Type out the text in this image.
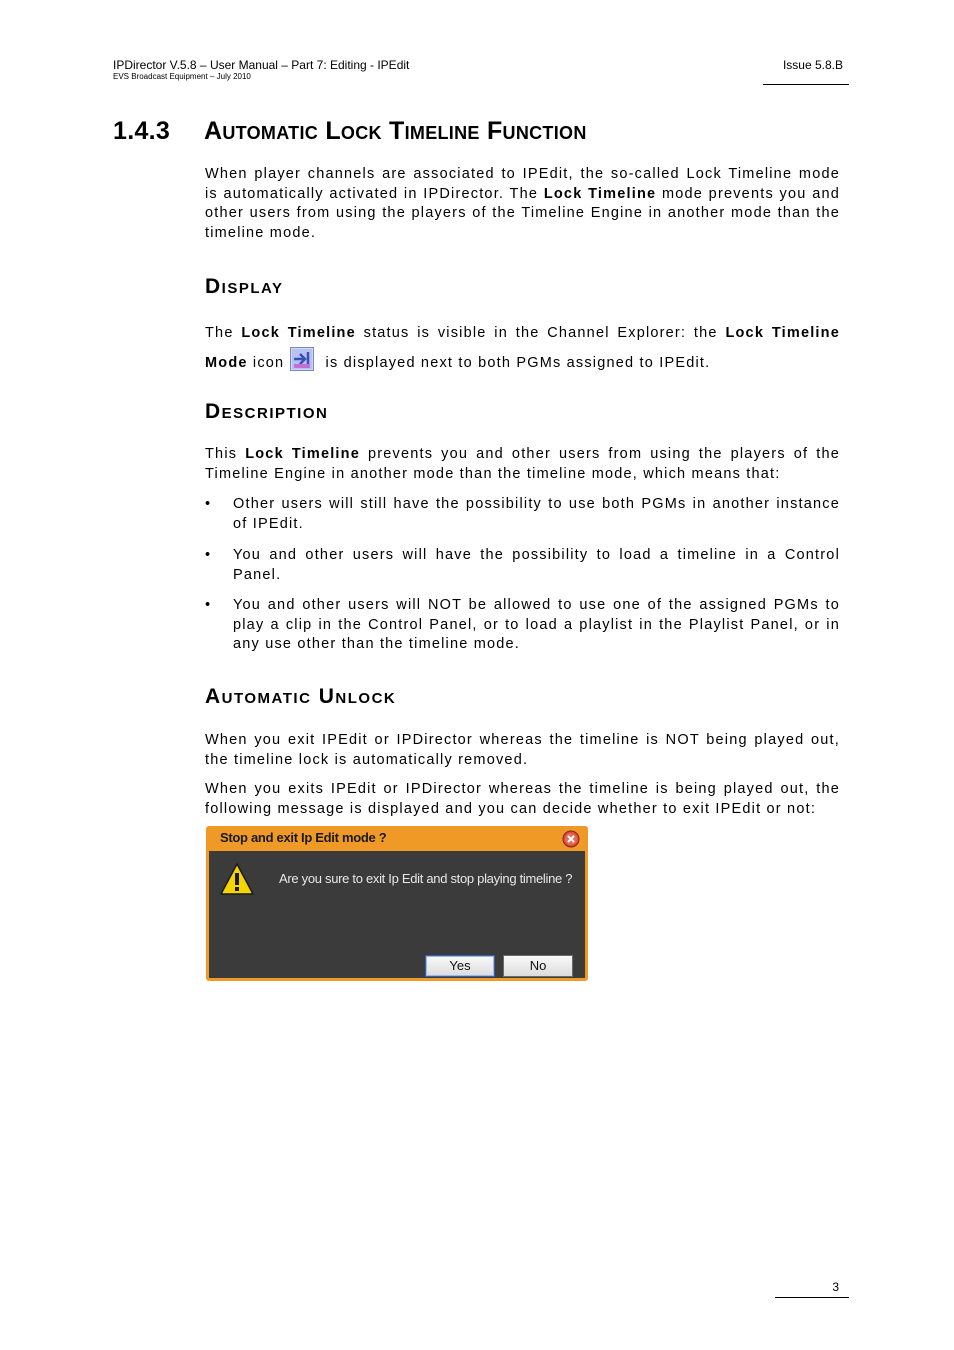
IPDirector V.5.8 – User Manual – Part 7: Editing - IPEdit
EVS Broadcast Equipment – July 2010
Issue 5.8.B
1.4.3 Automatic Lock Timeline Function
When player channels are associated to IPEdit, the so-called Lock Timeline mode is automatically activated in IPDirector. The Lock Timeline mode prevents you and other users from using the players of the Timeline Engine in another mode than the timeline mode.
Display
The Lock Timeline status is visible in the Channel Explorer: the Lock Timeline Mode icon is displayed next to both PGMs assigned to IPEdit.
Description
This Lock Timeline prevents you and other users from using the players of the Timeline Engine in another mode than the timeline mode, which means that:
• Other users will still have the possibility to use both PGMs in another instance of IPEdit.
• You and other users will have the possibility to load a timeline in a Control Panel.
• You and other users will NOT be allowed to use one of the assigned PGMs to play a clip in the Control Panel, or to load a playlist in the Playlist Panel, or in any use other than the timeline mode.
Automatic Unlock
When you exit IPEdit or IPDirector whereas the timeline is NOT being played out, the timeline lock is automatically removed.
When you exits IPEdit or IPDirector whereas the timeline is being played out, the following message is displayed and you can decide whether to exit IPEdit or not:
Stop and exit Ip Edit mode ?
Are you sure to exit Ip Edit and stop playing timeline ?
Yes	No
3
